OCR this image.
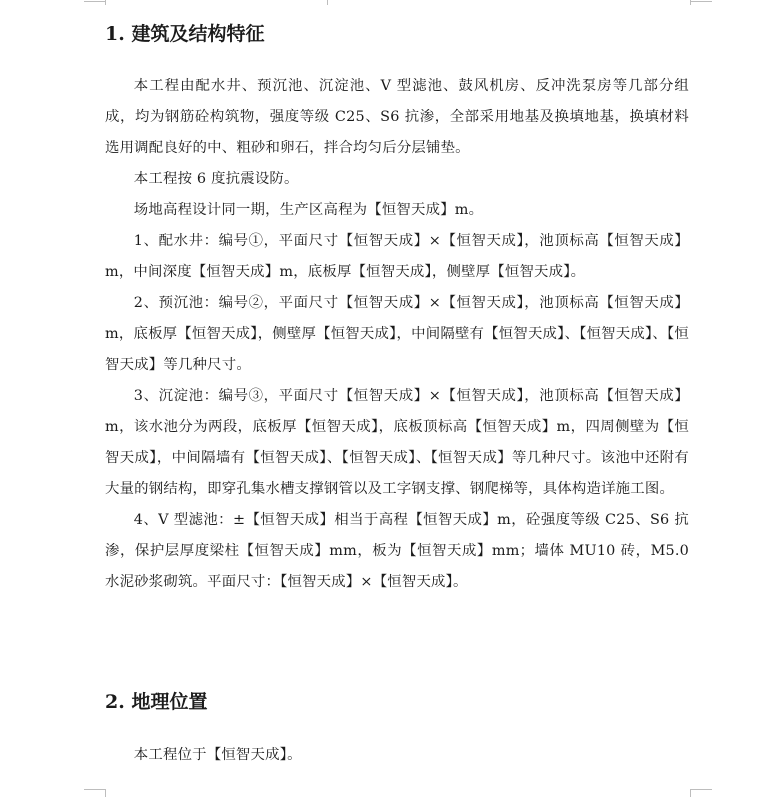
1. 建筑及结构特征

本工程由配水井、预沉池、沉淀池、V 型滤池、鼓风机房、反冲洗泵房等几部分组成，均为钢筋砼构筑物，强度等级 C25、S6 抗渗，全部采用地基及换填地基，换填材料选用调配良好的中、粗砂和卵石，拌合均匀后分层铺垫。

本工程按 6 度抗震设防。

场地高程设计同一期，生产区高程为【恒智天成】m。

1、配水井：编号①，平面尺寸【恒智天成】×【恒智天成】，池顶标高【恒智天成】m，中间深度【恒智天成】m，底板厚【恒智天成】，侧壁厚【恒智天成】。

2、预沉池：编号②，平面尺寸【恒智天成】×【恒智天成】，池顶标高【恒智天成】m，底板厚【恒智天成】，侧壁厚【恒智天成】，中间隔壁有【恒智天成】、【恒智天成】、【恒智天成】等几种尺寸。

3、沉淀池：编号③，平面尺寸【恒智天成】×【恒智天成】，池顶标高【恒智天成】m，该水池分为两段，底板厚【恒智天成】，底板顶标高【恒智天成】m，四周侧壁为【恒智天成】，中间隔墙有【恒智天成】、【恒智天成】、【恒智天成】等几种尺寸。该池中还附有大量的钢结构，即穿孔集水槽支撑钢管以及工字钢支撑、钢爬梯等，具体构造详施工图。

4、V 型滤池：±【恒智天成】相当于高程【恒智天成】m，砼强度等级 C25、S6 抗渗，保护层厚度梁柱【恒智天成】mm，板为【恒智天成】mm；墙体 MU10 砖，M5.0 水泥砂浆砌筑。平面尺寸：【恒智天成】×【恒智天成】。

2. 地理位置

本工程位于【恒智天成】。
